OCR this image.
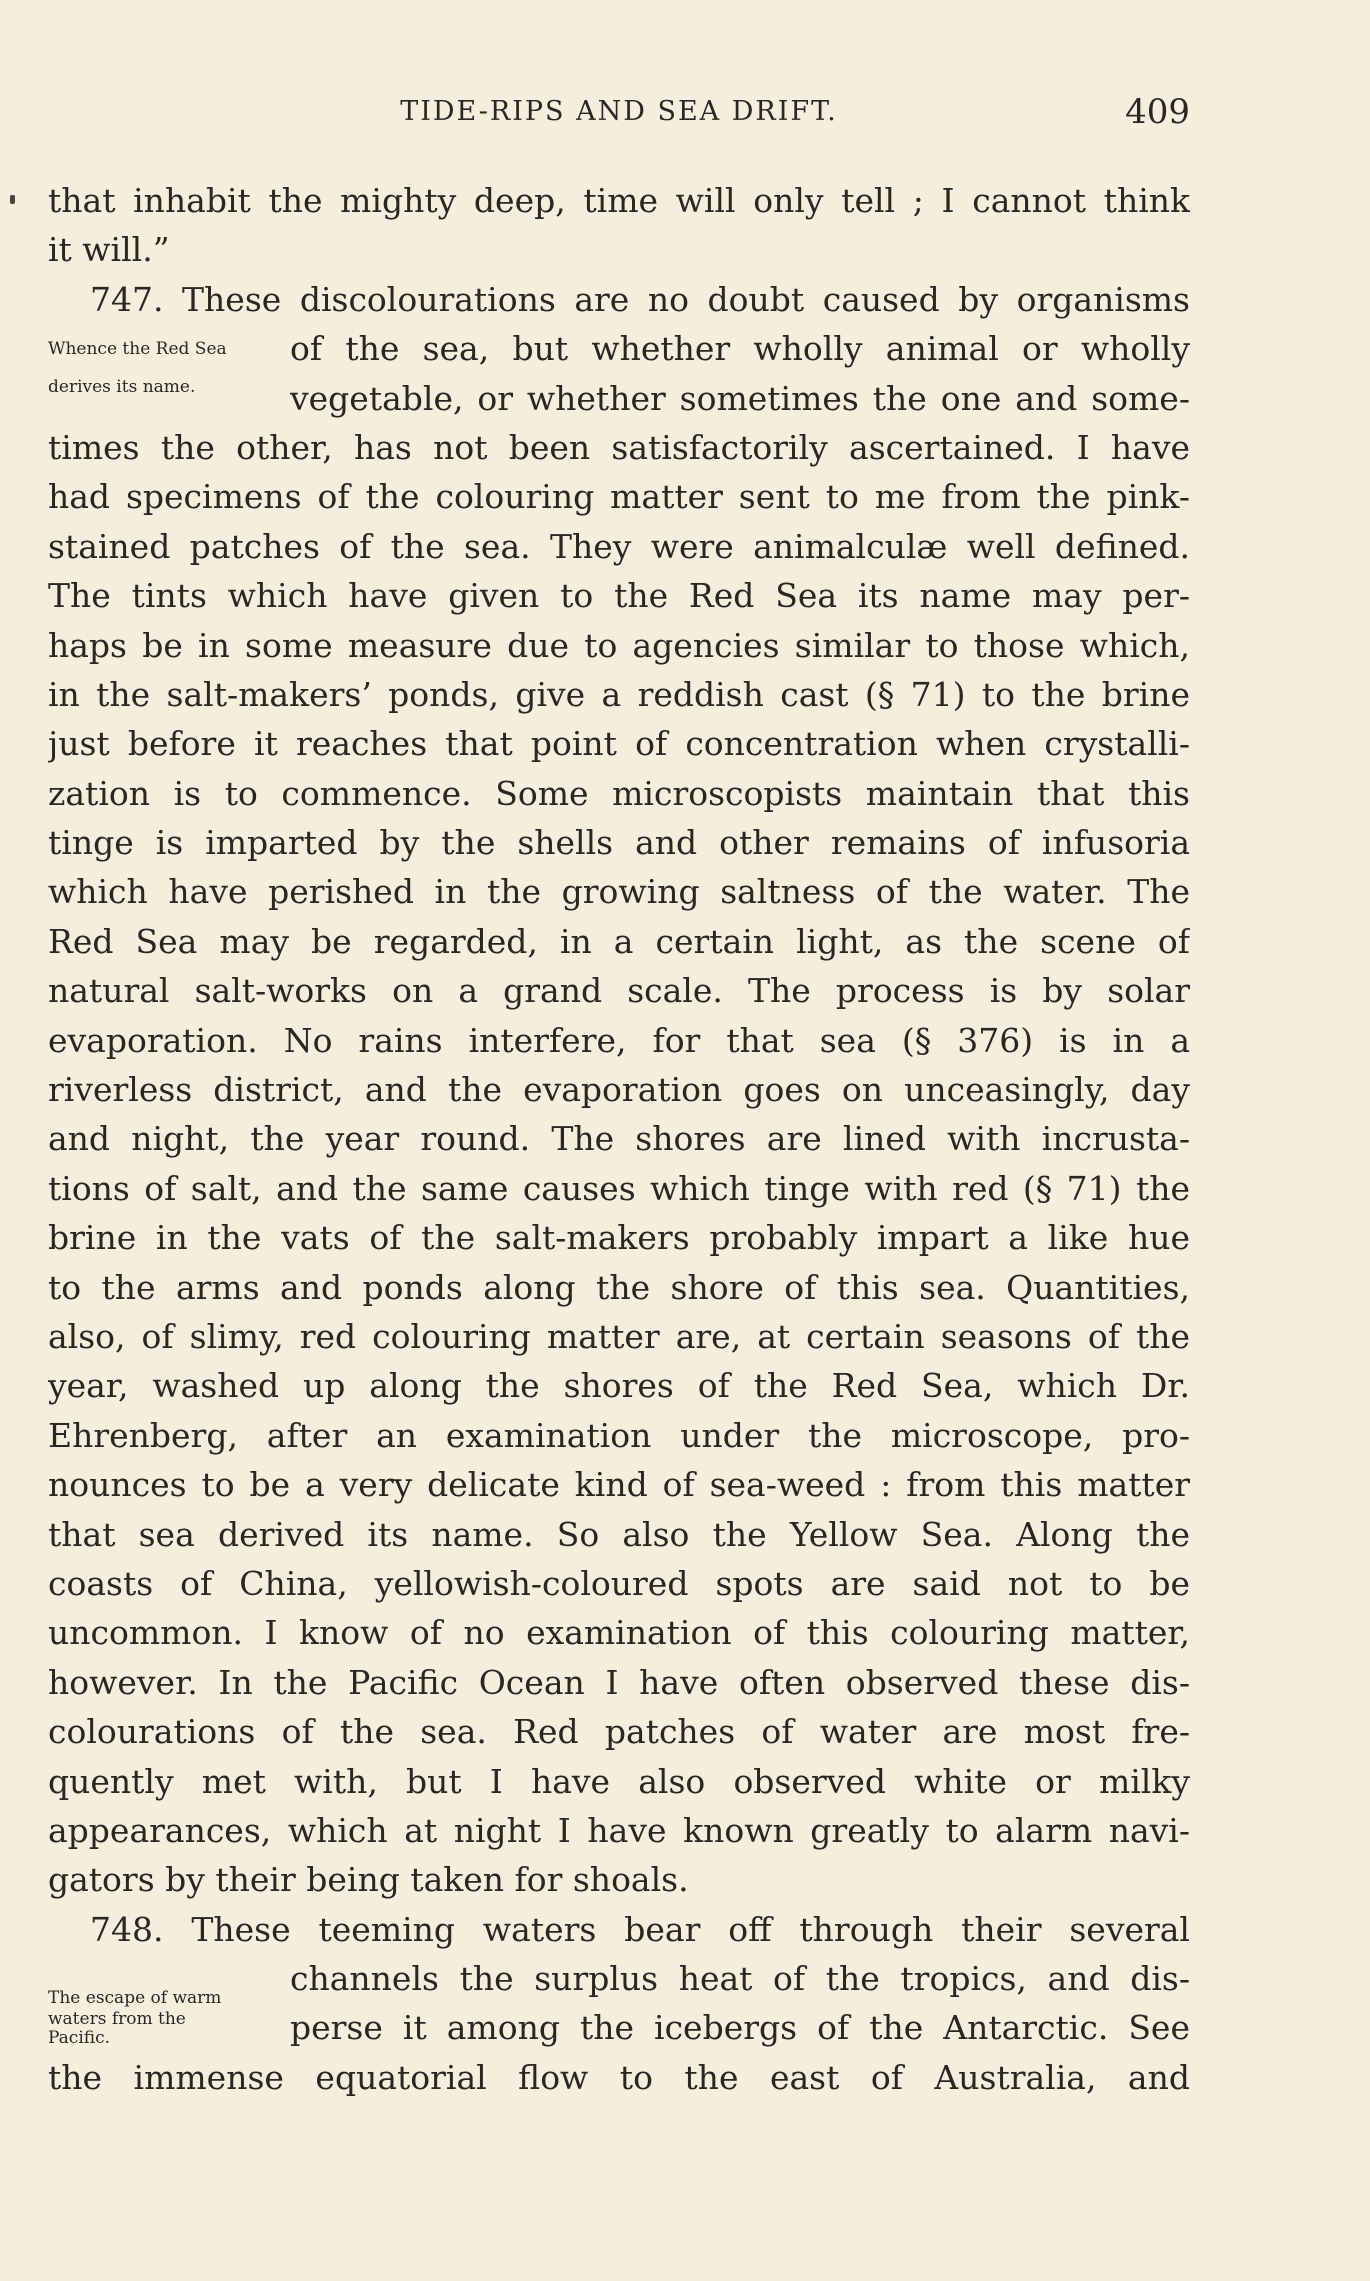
TIDE-RIPS AND SEA DRIFT.	409
Whence the Red Sea
derives its name.
The escape of warm
waters from the
Pacific.
that inhabit the mighty deep, time will only tell ; I cannot think
it will.”
747. These discolourations are no doubt caused by organisms
of the sea, but whether wholly animal or wholly
vegetable, or whether sometimes the one and some-
times the other, has not been satisfactorily ascertained. I have
had specimens of the colouring matter sent to me from the pink-
stained patches of the sea. They were animalculæ well defined.
The tints which have given to the Red Sea its name may per-
haps be in some measure due to agencies similar to those which,
in the salt-makers’ ponds, give a reddish cast (§ 71) to the brine
just before it reaches that point of concentration when crystalli-
zation is to commence. Some microscopists maintain that this
tinge is imparted by the shells and other remains of infusoria
which have perished in the growing saltness of the water. The
Red Sea may be regarded, in a certain light, as the scene of
natural salt-works on a grand scale. The process is by solar
evaporation. No rains interfere, for that sea (§ 376) is in a
riverless district, and the evaporation goes on unceasingly, day
and night, the year round. The shores are lined with incrusta-
tions of salt, and the same causes which tinge with red (§ 71) the
brine in the vats of the salt-makers probably impart a like hue
to the arms and ponds along the shore of this sea. Quantities,
also, of slimy, red colouring matter are, at certain seasons of the
year, washed up along the shores of the Red Sea, which Dr.
Ehrenberg, after an examination under the microscope, pro-
nounces to be a very delicate kind of sea-weed : from this matter
that sea derived its name. So also the Yellow Sea. Along the
coasts of China, yellowish-coloured spots are said not to be
uncommon. I know of no examination of this colouring matter,
however. In the Pacific Ocean I have often observed these dis-
colourations of the sea. Red patches of water are most fre-
quently met with, but I have also observed white or milky
appearances, which at night I have known greatly to alarm navi-
gators by their being taken for shoals.
748. These teeming waters bear off through their several
channels the surplus heat of the tropics, and dis-
perse it among the icebergs of the Antarctic. See
the immense equatorial flow to the east of Australia, and
